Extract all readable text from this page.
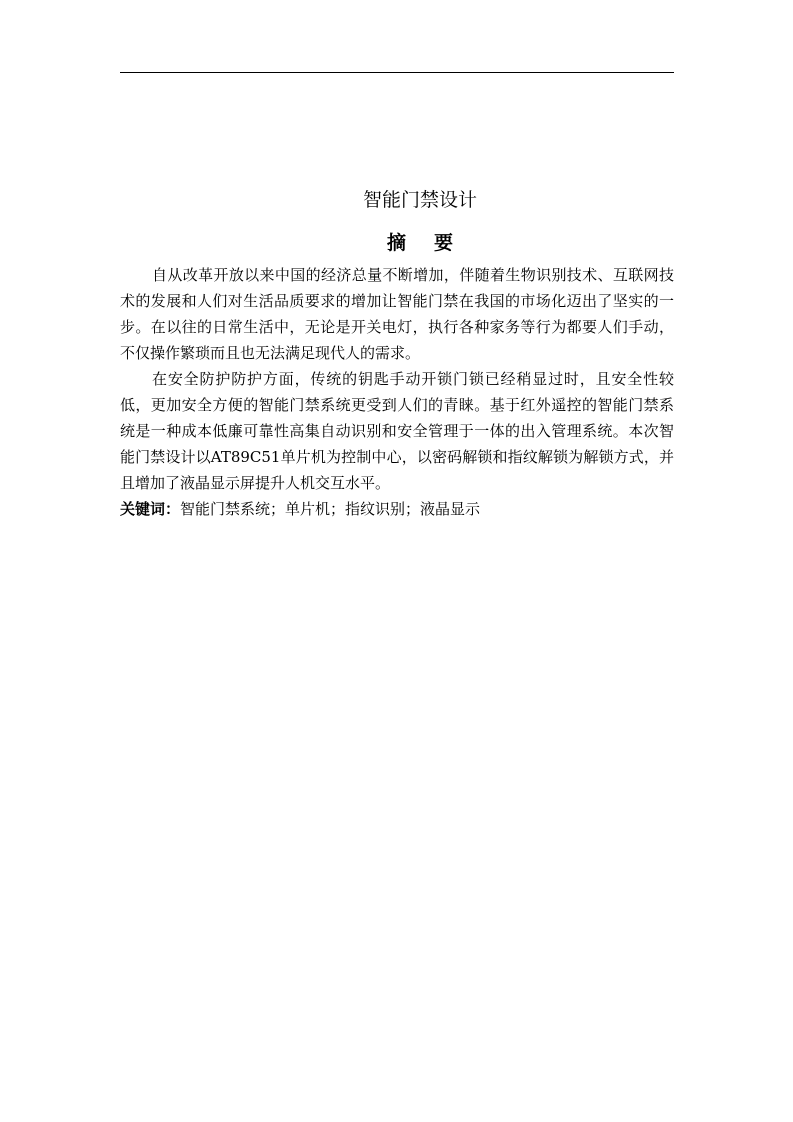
智能门禁设计
摘 要

自从改革开放以来中国的经济总量不断增加，伴随着生物识别技术、互联网技术的发展和人们对生活品质要求的增加让智能门禁在我国的市场化迈出了坚实的一步。在以往的日常生活中，无论是开关电灯，执行各种家务等行为都要人们手动，不仅操作繁琐而且也无法满足现代人的需求。

在安全防护防护方面，传统的钥匙手动开锁门锁已经稍显过时，且安全性较低，更加安全方便的智能门禁系统更受到人们的青睐。基于红外遥控的智能门禁系统是一种成本低廉可靠性高集自动识别和安全管理于一体的出入管理系统。本次智能门禁设计以AT89C51单片机为控制中心，以密码解锁和指纹解锁为解锁方式，并且增加了液晶显示屏提升人机交互水平。

关键词：智能门禁系统；单片机；指纹识别；液晶显示
